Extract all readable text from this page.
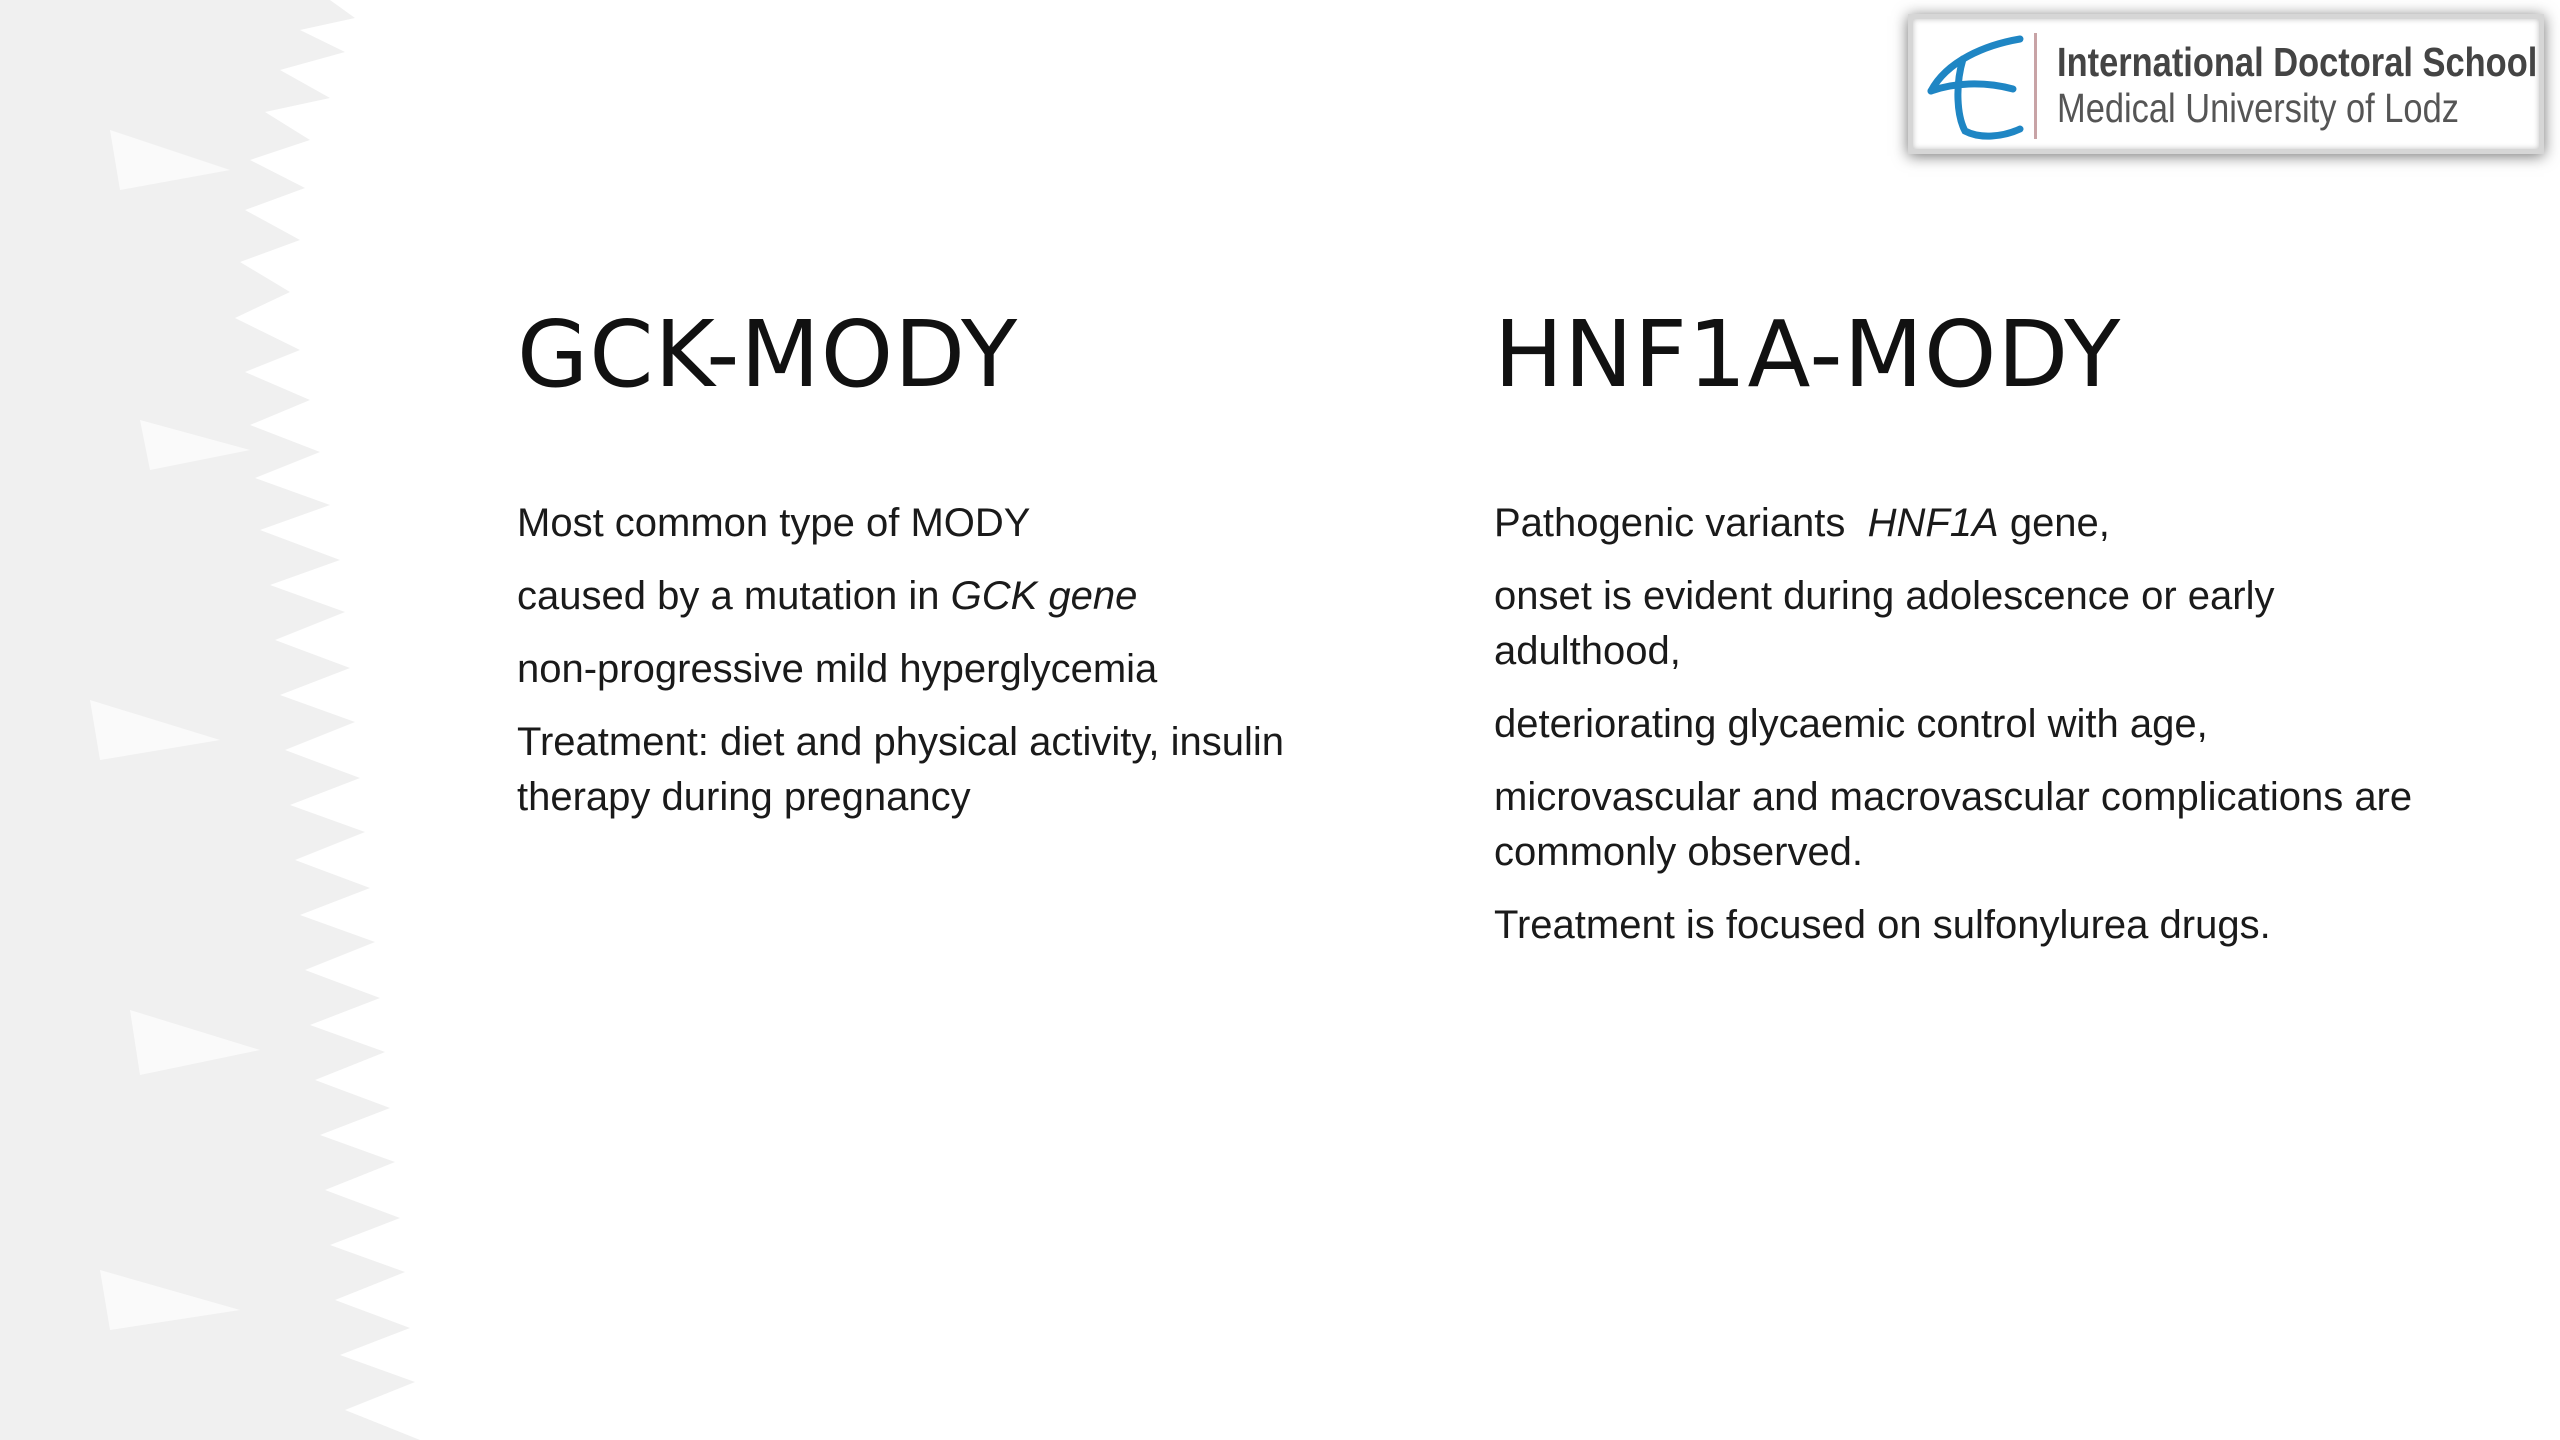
International Doctoral School
Medical University of Lodz
GCK-MODY
Most common type of MODY
caused by a mutation in GCK gene
non-progressive mild hyperglycemia
Treatment: diet and physical activity, insulin therapy during pregnancy
HNF1A-MODY
Pathogenic variants  HNF1A gene,
onset is evident during adolescence or early adulthood,
deteriorating glycaemic control with age,
microvascular and macrovascular complications are commonly observed.
Treatment is focused on sulfonylurea drugs.
